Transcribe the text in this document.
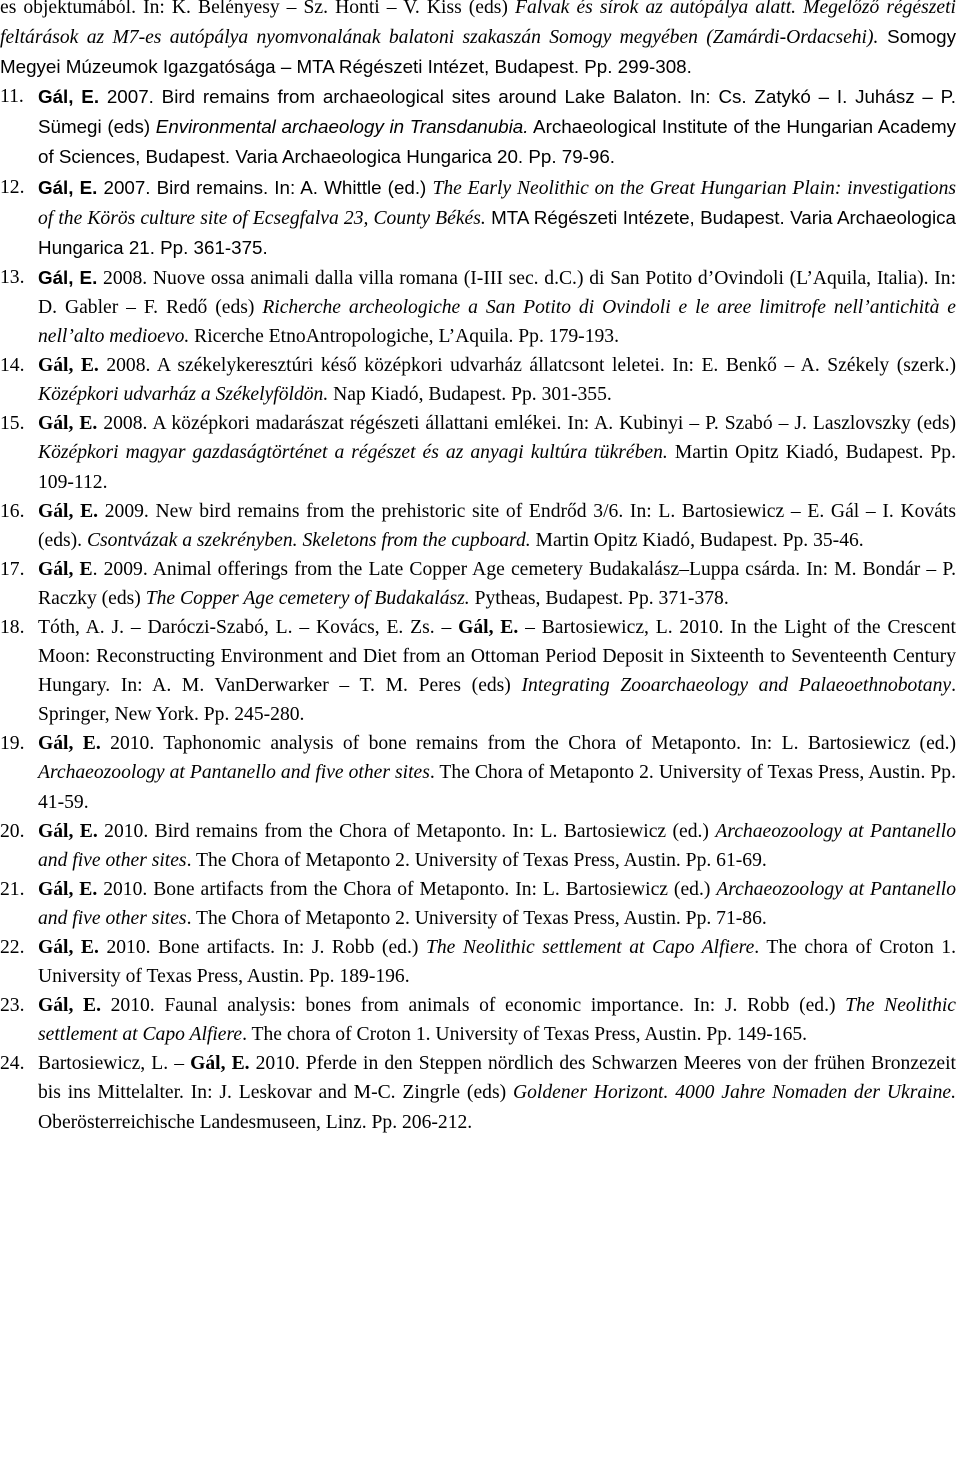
es objektumából. In: K. Belényesy – Sz. Honti – V. Kiss (eds) Falvak és sírok az autópálya alatt. Megelőző régészeti feltárások az M7-es autópálya nyomvonalának balatoni szakaszán Somogy megyében (Zamárdi-Ordacsehi). Somogy Megyei Múzeumok Igazgatósága – MTA Régészeti Intézet, Budapest. Pp. 299-308.

11. Gál, E. 2007. Bird remains from archaeological sites around Lake Balaton. In: Cs. Zatykó – I. Juhász – P. Sümegi (eds) Environmental archaeology in Transdanubia. Archaeological Institute of the Hungarian Academy of Sciences, Budapest. Varia Archaeologica Hungarica 20. Pp. 79-96.

12. Gál, E. 2007. Bird remains. In: A. Whittle (ed.) The Early Neolithic on the Great Hungarian Plain: investigations of the Körös culture site of Ecsegfalva 23, County Békés. MTA Régészeti Intézete, Budapest. Varia Archaeologica Hungarica 21. Pp. 361-375.

13. Gál, E. 2008. Nuove ossa animali dalla villa romana (I-III sec. d.C.) di San Potito d’Ovindoli (L’Aquila, Italia). In: D. Gabler – F. Redő (eds) Richerche archeologiche a San Potito di Ovindoli e le aree limitrofe nell’antichità e nell’alto medioevo. Ricerche EtnoAntropologiche, L’Aquila. Pp. 179-193.

14. Gál, E. 2008. A székelykeresztúri késő középkori udvarház állatcsont leletei. In: E. Benkő – A. Székely (szerk.) Középkori udvarház a Székelyföldön. Nap Kiadó, Budapest. Pp. 301-355.

15. Gál, E. 2008. A középkori madarászat régészeti állattani emlékei. In: A. Kubinyi – P. Szabó – J. Laszlovszky (eds) Középkori magyar gazdaságtörténet a régészet és az anyagi kultúra tükrében. Martin Opitz Kiadó, Budapest. Pp. 109-112.

16. Gál, E. 2009. New bird remains from the prehistoric site of Endrőd 3/6. In: L. Bartosiewicz – E. Gál – I. Kováts (eds). Csontvázak a szekrényben. Skeletons from the cupboard. Martin Opitz Kiadó, Budapest. Pp. 35-46.

17. Gál, E. 2009. Animal offerings from the Late Copper Age cemetery Budakalász–Luppa csárda. In: M. Bondár – P. Raczky (eds) The Copper Age cemetery of Budakalász. Pytheas, Budapest. Pp. 371-378.

18. Tóth, A. J. – Daróczi-Szabó, L. – Kovács, E. Zs. – Gál, E. – Bartosiewicz, L. 2010. In the Light of the Crescent Moon: Reconstructing Environment and Diet from an Ottoman Period Deposit in Sixteenth to Seventeenth Century Hungary. In: A. M. VanDerwarker – T. M. Peres (eds) Integrating Zooarchaeology and Palaeoethnobotany. Springer, New York. Pp. 245-280.

19. Gál, E. 2010. Taphonomic analysis of bone remains from the Chora of Metaponto. In: L. Bartosiewicz (ed.) Archaeozoology at Pantanello and five other sites. The Chora of Metaponto 2. University of Texas Press, Austin. Pp. 41-59.

20. Gál, E. 2010. Bird remains from the Chora of Metaponto. In: L. Bartosiewicz (ed.) Archaeozoology at Pantanello and five other sites. The Chora of Metaponto 2. University of Texas Press, Austin. Pp. 61-69.

21. Gál, E. 2010. Bone artifacts from the Chora of Metaponto. In: L. Bartosiewicz (ed.) Archaeozoology at Pantanello and five other sites. The Chora of Metaponto 2. University of Texas Press, Austin. Pp. 71-86.

22. Gál, E. 2010. Bone artifacts. In: J. Robb (ed.) The Neolithic settlement at Capo Alfiere. The chora of Croton 1. University of Texas Press, Austin. Pp. 189-196.

23. Gál, E. 2010. Faunal analysis: bones from animals of economic importance. In: J. Robb (ed.) The Neolithic settlement at Capo Alfiere. The chora of Croton 1. University of Texas Press, Austin. Pp. 149-165.

24. Bartosiewicz, L. – Gál, E. 2010. Pferde in den Steppen nördlich des Schwarzen Meeres von der frühen Bronzezeit bis ins Mittelalter. In: J. Leskovar and M-C. Zingrle (eds) Goldener Horizont. 4000 Jahre Nomaden der Ukraine. Oberösterreichische Landesmuseen, Linz. Pp. 206-212.
